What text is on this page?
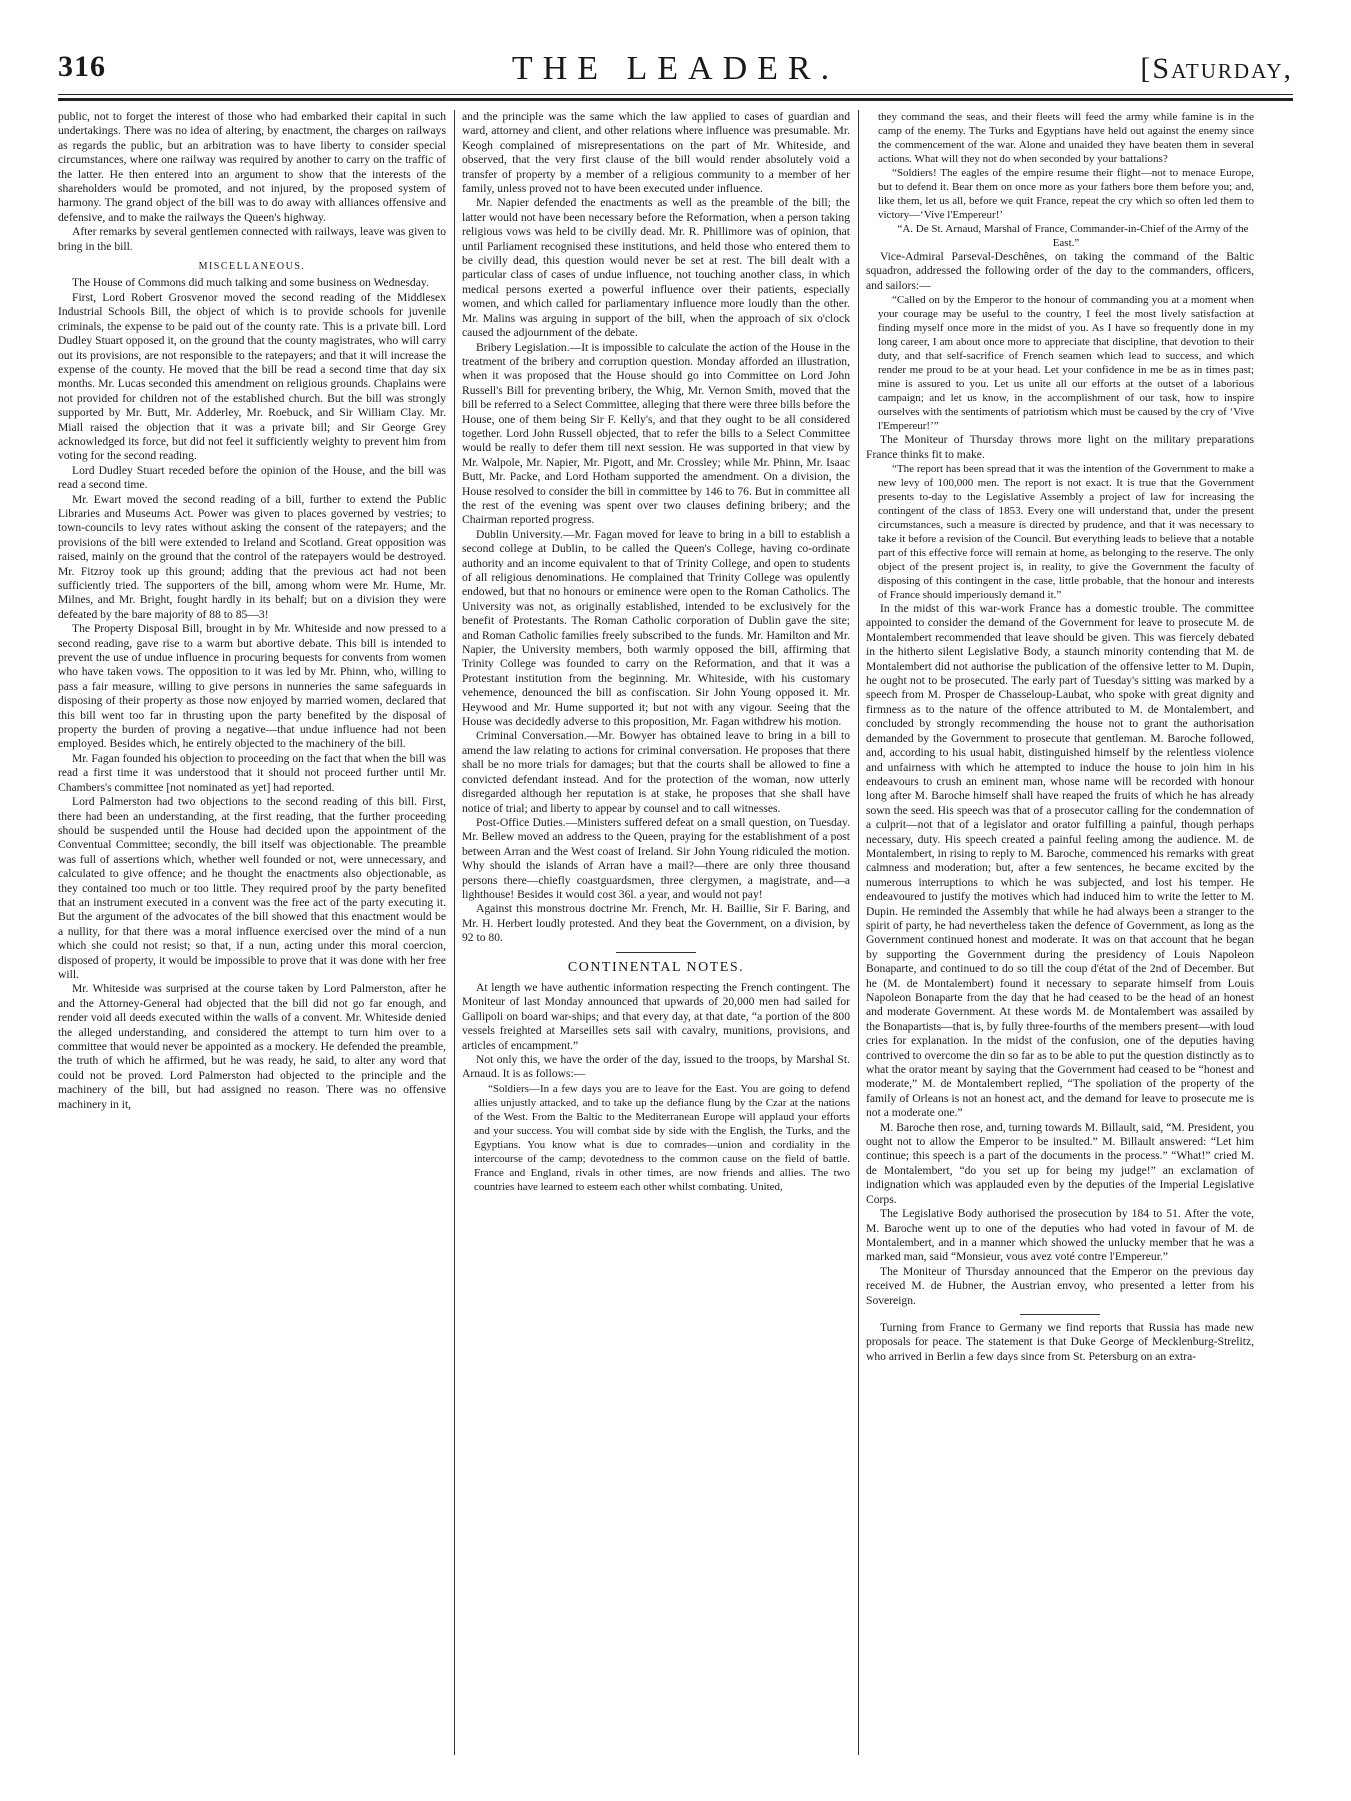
316	THE LEADER.	[Saturday,

public, not to forget the interest of those who had embarked their capital in such undertakings. There was no idea of altering, by enactment, the charges on railways as regards the public, but an arbitration was to have liberty to consider special circumstances, where one railway was required by another to carry on the traffic of the latter. He then entered into an argument to show that the interests of the shareholders would be promoted, and not injured, by the proposed system of harmony. The grand object of the bill was to do away with alliances offensive and defensive, and to make the railways the Queen's highway.

After remarks by several gentlemen connected with railways, leave was given to bring in the bill.

MISCELLANEOUS.

The House of Commons did much talking and some business on Wednesday.

First, Lord Robert Grosvenor moved the second reading of the Middlesex Industrial Schools Bill, the object of which is to provide schools for juvenile criminals, the expense to be paid out of the county rate. This is a private bill. Lord Dudley Stuart opposed it, on the ground that the county magistrates, who will carry out its provisions, are not responsible to the ratepayers; and that it will increase the expense of the county. He moved that the bill be read a second time that day six months. Mr. Lucas seconded this amendment on religious grounds. Chaplains were not provided for children not of the established church. But the bill was strongly supported by Mr. Butt, Mr. Adderley, Mr. Roebuck, and Sir William Clay. Mr. Miall raised the objection that it was a private bill; and Sir George Grey acknowledged its force, but did not feel it sufficiently weighty to prevent him from voting for the second reading.

Lord Dudley Stuart receded before the opinion of the House, and the bill was read a second time.

Mr. Ewart moved the second reading of a bill, further to extend the Public Libraries and Museums Act. Power was given to places governed by vestries; to town-councils to levy rates without asking the consent of the ratepayers; and the provisions of the bill were extended to Ireland and Scotland. Great opposition was raised, mainly on the ground that the control of the ratepayers would be destroyed. Mr. Fitzroy took up this ground; adding that the previous act had not been sufficiently tried. The supporters of the bill, among whom were Mr. Hume, Mr. Milnes, and Mr. Bright, fought hardly in its behalf; but on a division they were defeated by the bare majority of 88 to 85—3!

The Property Disposal Bill, brought in by Mr. Whiteside and now pressed to a second reading, gave rise to a warm but abortive debate. This bill is intended to prevent the use of undue influence in procuring bequests for convents from women who have taken vows. The opposition to it was led by Mr. Phinn, who, willing to pass a fair measure, willing to give persons in nunneries the same safeguards in disposing of their property as those now enjoyed by married women, declared that this bill went too far in thrusting upon the party benefited by the disposal of property the burden of proving a negative—that undue influence had not been employed. Besides which, he entirely objected to the machinery of the bill.

Mr. Fagan founded his objection to proceeding on the fact that when the bill was read a first time it was understood that it should not proceed further until Mr. Chambers's committee [not nominated as yet] had reported.

Lord Palmerston had two objections to the second reading of this bill. First, there had been an understanding, at the first reading, that the further proceeding should be suspended until the House had decided upon the appointment of the Conventual Committee; secondly, the bill itself was objectionable. The preamble was full of assertions which, whether well founded or not, were unnecessary, and calculated to give offence; and he thought the enactments also objectionable, as they contained too much or too little. They required proof by the party benefited that an instrument executed in a convent was the free act of the party executing it. But the argument of the advocates of the bill showed that this enactment would be a nullity, for that there was a moral influence exercised over the mind of a nun which she could not resist; so that, if a nun, acting under this moral coercion, disposed of property, it would be impossible to prove that it was done with her free will.

Mr. Whiteside was surprised at the course taken by Lord Palmerston, after he and the Attorney-General had objected that the bill did not go far enough, and render void all deeds executed within the walls of a convent. Mr. Whiteside denied the alleged understanding, and considered the attempt to turn him over to a committee that would never be appointed as a mockery. He defended the preamble, the truth of which he affirmed, but he was ready, he said, to alter any word that could not be proved. Lord Palmerston had objected to the principle and the machinery of the bill, but had assigned no reason. There was no offensive machinery in it,

and the principle was the same which the law applied to cases of guardian and ward, attorney and client, and other relations where influence was presumable. Mr. Keogh complained of misrepresentations on the part of Mr. Whiteside, and observed, that the very first clause of the bill would render absolutely void a transfer of property by a member of a religious community to a member of her family, unless proved not to have been executed under influence.

Mr. Napier defended the enactments as well as the preamble of the bill; the latter would not have been necessary before the Reformation, when a person taking religious vows was held to be civilly dead. Mr. R. Phillimore was of opinion, that until Parliament recognised these institutions, and held those who entered them to be civilly dead, this question would never be set at rest. The bill dealt with a particular class of cases of undue influence, not touching another class, in which medical persons exerted a powerful influence over their patients, especially women, and which called for parliamentary influence more loudly than the other. Mr. Malins was arguing in support of the bill, when the approach of six o'clock caused the adjournment of the debate.

Bribery Legislation.—It is impossible to calculate the action of the House in the treatment of the bribery and corruption question. Monday afforded an illustration, when it was proposed that the House should go into Committee on Lord John Russell's Bill for preventing bribery, the Whig, Mr. Vernon Smith, moved that the bill be referred to a Select Committee, alleging that there were three bills before the House, one of them being Sir F. Kelly's, and that they ought to be all considered together. Lord John Russell objected, that to refer the bills to a Select Committee would be really to defer them till next session. He was supported in that view by Mr. Walpole, Mr. Napier, Mr. Pigott, and Mr. Crossley; while Mr. Phinn, Mr. Isaac Butt, Mr. Packe, and Lord Hotham supported the amendment. On a division, the House resolved to consider the bill in committee by 146 to 76. But in committee all the rest of the evening was spent over two clauses defining bribery; and the Chairman reported progress.

Dublin University.—Mr. Fagan moved for leave to bring in a bill to establish a second college at Dublin, to be called the Queen's College, having co-ordinate authority and an income equivalent to that of Trinity College, and open to students of all religious denominations. He complained that Trinity College was opulently endowed, but that no honours or eminence were open to the Roman Catholics. The University was not, as originally established, intended to be exclusively for the benefit of Protestants. The Roman Catholic corporation of Dublin gave the site; and Roman Catholic families freely subscribed to the funds. Mr. Hamilton and Mr. Napier, the University members, both warmly opposed the bill, affirming that Trinity College was founded to carry on the Reformation, and that it was a Protestant institution from the beginning. Mr. Whiteside, with his customary vehemence, denounced the bill as confiscation. Sir John Young opposed it. Mr. Heywood and Mr. Hume supported it; but not with any vigour. Seeing that the House was decidedly adverse to this proposition, Mr. Fagan withdrew his motion.

Criminal Conversation.—Mr. Bowyer has obtained leave to bring in a bill to amend the law relating to actions for criminal conversation. He proposes that there shall be no more trials for damages; but that the courts shall be allowed to fine a convicted defendant instead. And for the protection of the woman, now utterly disregarded although her reputation is at stake, he proposes that she shall have notice of trial; and liberty to appear by counsel and to call witnesses.

Post-Office Duties.—Ministers suffered defeat on a small question, on Tuesday. Mr. Bellew moved an address to the Queen, praying for the establishment of a post between Arran and the West coast of Ireland. Sir John Young ridiculed the motion. Why should the islands of Arran have a mail?—there are only three thousand persons there—chiefly coastguardsmen, three clergymen, a magistrate, and—a lighthouse! Besides it would cost 36l. a year, and would not pay!

Against this monstrous doctrine Mr. French, Mr. H. Baillie, Sir F. Baring, and Mr. H. Herbert loudly protested. And they beat the Government, on a division, by 92 to 80.

CONTINENTAL NOTES.

At length we have authentic information respecting the French contingent. The Moniteur of last Monday announced that upwards of 20,000 men had sailed for Gallipoli on board war-ships; and that every day, at that date, “a portion of the 800 vessels freighted at Marseilles sets sail with cavalry, munitions, provisions, and articles of encampment.”

Not only this, we have the order of the day, issued to the troops, by Marshal St. Arnaud. It is as follows:—

“Soldiers—In a few days you are to leave for the East. You are going to defend allies unjustly attacked, and to take up the defiance flung by the Czar at the nations of the West. From the Baltic to the Mediterranean Europe will applaud your efforts and your success. You will combat side by side with the English, the Turks, and the Egyptians. You know what is due to comrades—union and cordiality in the intercourse of the camp; devotedness to the common cause on the field of battle. France and England, rivals in other times, are now friends and allies. The two countries have learned to esteem each other whilst combating. United,

they command the seas, and their fleets will feed the army while famine is in the camp of the enemy. The Turks and Egyptians have held out against the enemy since the commencement of the war. Alone and unaided they have beaten them in several actions. What will they not do when seconded by your battalions?

“Soldiers! The eagles of the empire resume their flight—not to menace Europe, but to defend it. Bear them on once more as your fathers bore them before you; and, like them, let us all, before we quit France, repeat the cry which so often led them to victory—‘Vive l'Empereur!’

“A. De St. Arnaud, Marshal of France, Commander-in-Chief of the Army of the East.”

Vice-Admiral Parseval-Deschênes, on taking the command of the Baltic squadron, addressed the following order of the day to the commanders, officers, and sailors:—

“Called on by the Emperor to the honour of commanding you at a moment when your courage may be useful to the country, I feel the most lively satisfaction at finding myself once more in the midst of you. As I have so frequently done in my long career, I am about once more to appreciate that discipline, that devotion to their duty, and that self-sacrifice of French seamen which lead to success, and which render me proud to be at your head. Let your confidence in me be as in times past; mine is assured to you. Let us unite all our efforts at the outset of a laborious campaign; and let us know, in the accomplishment of our task, how to inspire ourselves with the sentiments of patriotism which must be caused by the cry of ‘Vive l'Empereur!’”

The Moniteur of Thursday throws more light on the military preparations France thinks fit to make.

“The report has been spread that it was the intention of the Government to make a new levy of 100,000 men. The report is not exact. It is true that the Government presents to-day to the Legislative Assembly a project of law for increasing the contingent of the class of 1853. Every one will understand that, under the present circumstances, such a measure is directed by prudence, and that it was necessary to take it before a revision of the Council. But everything leads to believe that a notable part of this effective force will remain at home, as belonging to the reserve. The only object of the present project is, in reality, to give the Government the faculty of disposing of this contingent in the case, little probable, that the honour and interests of France should imperiously demand it.”

In the midst of this war-work France has a domestic trouble. The committee appointed to consider the demand of the Government for leave to prosecute M. de Montalembert recommended that leave should be given. This was fiercely debated in the hitherto silent Legislative Body, a staunch minority contending that M. de Montalembert did not authorise the publication of the offensive letter to M. Dupin, he ought not to be prosecuted. The early part of Tuesday's sitting was marked by a speech from M. Prosper de Chasseloup-Laubat, who spoke with great dignity and firmness as to the nature of the offence attributed to M. de Montalembert, and concluded by strongly recommending the house not to grant the authorisation demanded by the Government to prosecute that gentleman. M. Baroche followed, and, according to his usual habit, distinguished himself by the relentless violence and unfairness with which he attempted to induce the house to join him in his endeavours to crush an eminent man, whose name will be recorded with honour long after M. Baroche himself shall have reaped the fruits of which he has already sown the seed. His speech was that of a prosecutor calling for the condemnation of a culprit—not that of a legislator and orator fulfilling a painful, though perhaps necessary, duty. His speech created a painful feeling among the audience. M. de Montalembert, in rising to reply to M. Baroche, commenced his remarks with great calmness and moderation; but, after a few sentences, he became excited by the numerous interruptions to which he was subjected, and lost his temper. He endeavoured to justify the motives which had induced him to write the letter to M. Dupin. He reminded the Assembly that while he had always been a stranger to the spirit of party, he had nevertheless taken the defence of Government, as long as the Government continued honest and moderate. It was on that account that he began by supporting the Government during the presidency of Louis Napoleon Bonaparte, and continued to do so till the coup d'état of the 2nd of December. But he (M. de Montalembert) found it necessary to separate himself from Louis Napoleon Bonaparte from the day that he had ceased to be the head of an honest and moderate Government. At these words M. de Montalembert was assailed by the Bonapartists—that is, by fully three-fourths of the members present—with loud cries for explanation. In the midst of the confusion, one of the deputies having contrived to overcome the din so far as to be able to put the question distinctly as to what the orator meant by saying that the Government had ceased to be “honest and moderate,” M. de Montalembert replied, “The spoliation of the property of the family of Orleans is not an honest act, and the demand for leave to prosecute me is not a moderate one.”

M. Baroche then rose, and, turning towards M. Billault, said, “M. President, you ought not to allow the Emperor to be insulted.” M. Billault answered: “Let him continue; this speech is a part of the documents in the process.” “What!” cried M. de Montalembert, “do you set up for being my judge!” an exclamation of indignation which was applauded even by the deputies of the Imperial Legislative Corps.

The Legislative Body authorised the prosecution by 184 to 51. After the vote, M. Baroche went up to one of the deputies who had voted in favour of M. de Montalembert, and in a manner which showed the unlucky member that he was a marked man, said “Monsieur, vous avez voté contre l'Empereur.”

The Moniteur of Thursday announced that the Emperor on the previous day received M. de Hubner, the Austrian envoy, who presented a letter from his Sovereign.

Turning from France to Germany we find reports that Russia has made new proposals for peace. The statement is that Duke George of Mecklenburg-Strelitz, who arrived in Berlin a few days since from St. Petersburg on an extra-
